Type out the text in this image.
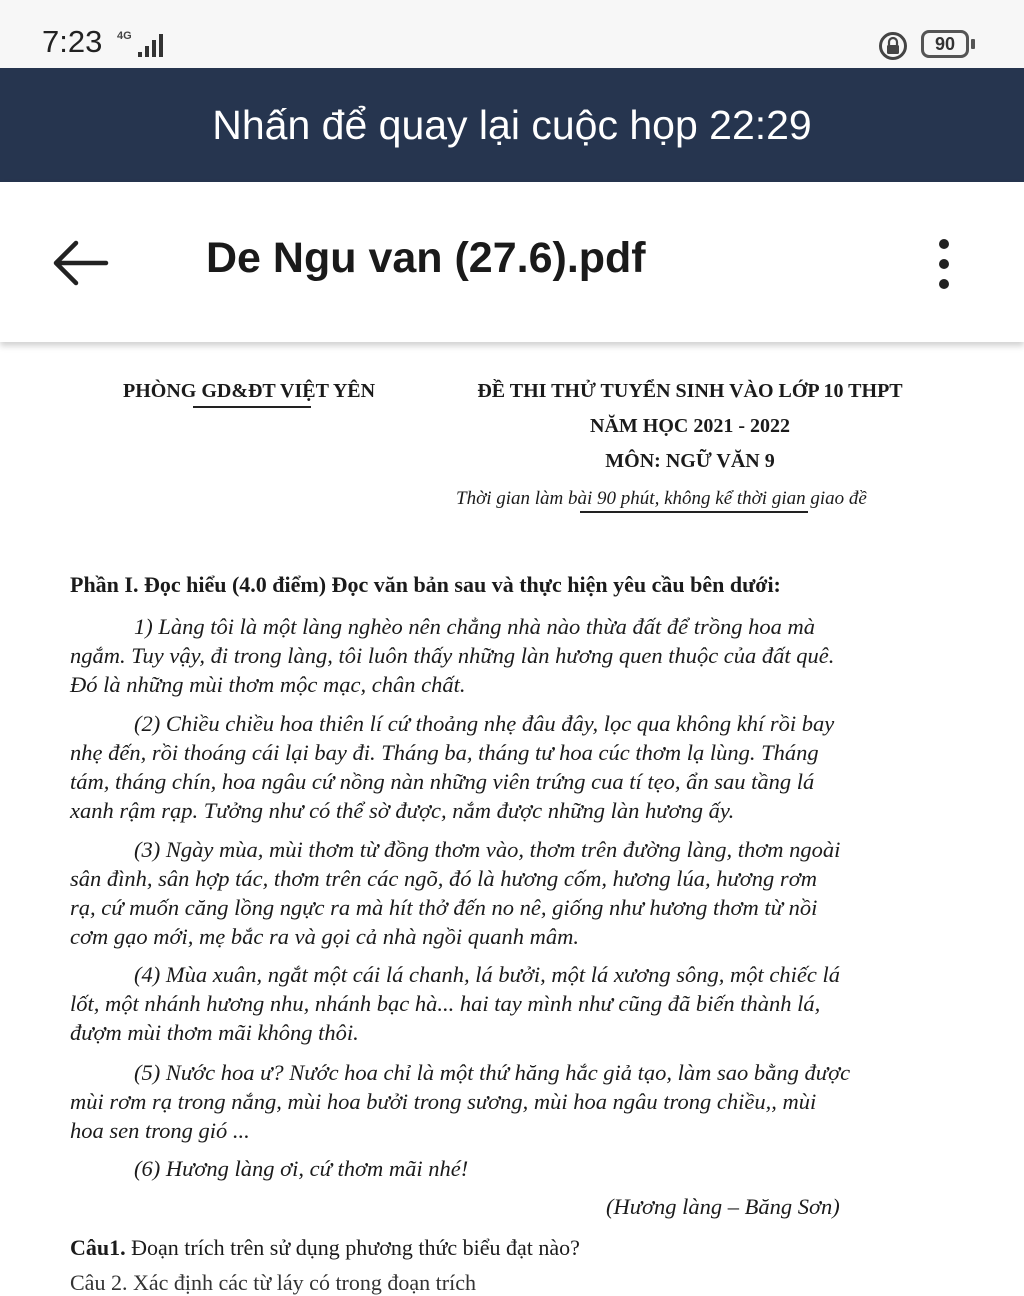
7:23 4G	90
Nhấn để quay lại cuộc họp 22:29
De Ngu van (27.6).pdf
PHÒNG GD&ĐT VIỆT YÊN	ĐỀ THI THỬ TUYỂN SINH VÀO LỚP 10 THPT
NĂM HỌC 2021 - 2022
MÔN: NGỮ VĂN 9
Thời gian làm bài 90 phút, không kể thời gian giao đề
Phần I. Đọc hiểu (4.0 điểm) Đọc văn bản sau và thực hiện yêu cầu bên dưới:
1) Làng tôi là một làng nghèo nên chẳng nhà nào thừa đất để trồng hoa mà
ngắm. Tuy vậy, đi trong làng, tôi luôn thấy những làn hương quen thuộc của đất quê.
Đó là những mùi thơm mộc mạc, chân chất.
(2) Chiều chiều hoa thiên lí cứ thoảng nhẹ đâu đây, lọc qua không khí rồi bay
nhẹ đến, rồi thoáng cái lại bay đi. Tháng ba, tháng tư hoa cúc thơm lạ lùng. Tháng
tám, tháng chín, hoa ngâu cứ nồng nàn những viên trứng cua tí tẹo, ẩn sau tầng lá
xanh rậm rạp. Tưởng như có thể sờ được, nắm được những làn hương ấy.
(3) Ngày mùa, mùi thơm từ đồng thơm vào, thơm trên đường làng, thơm ngoài
sân đình, sân hợp tác, thơm trên các ngõ, đó là hương cốm, hương lúa, hương rơm
rạ, cứ muốn căng lồng ngực ra mà hít thở đến no nê, giống như hương thơm từ nồi
cơm gạo mới, mẹ bắc ra và gọi cả nhà ngồi quanh mâm.
(4) Mùa xuân, ngắt một cái lá chanh, lá bưởi, một lá xương sông, một chiếc lá
lốt, một nhánh hương nhu, nhánh bạc hà... hai tay mình như cũng đã biến thành lá,
đượm mùi thơm mãi không thôi.
(5) Nước hoa ư? Nước hoa chỉ là một thứ hăng hắc giả tạo, làm sao bằng được
mùi rơm rạ trong nắng, mùi hoa bưởi trong sương, mùi hoa ngâu trong chiều,, mùi
hoa sen trong gió ...
(6) Hương làng ơi, cứ thơm mãi nhé!
(Hương làng – Băng Sơn)
Câu1. Đoạn trích trên sử dụng phương thức biểu đạt nào?
Câu 2. Xác định các từ láy có trong đoạn trích
